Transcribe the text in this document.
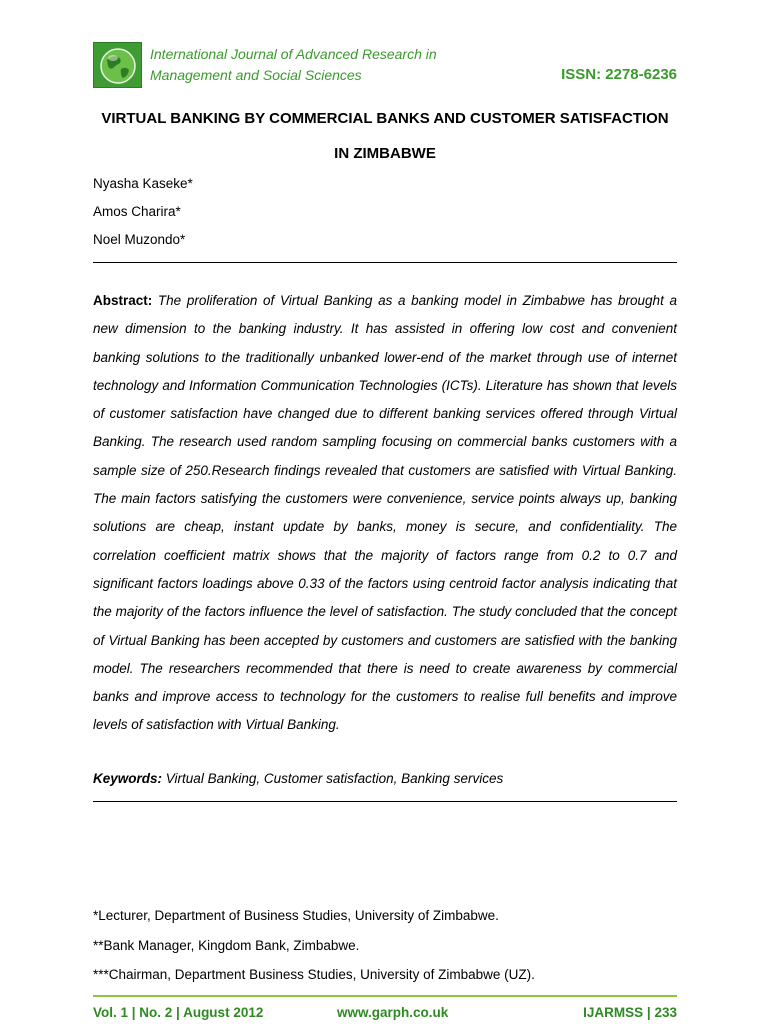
International Journal of Advanced Research in
Management and Social Sciences	ISSN: 2278-6236
VIRTUAL BANKING BY COMMERCIAL BANKS AND CUSTOMER SATISFACTION
IN ZIMBABWE
Nyasha Kaseke*
Amos Charira*
Noel Muzondo*

Abstract: The proliferation of Virtual Banking as a banking model in Zimbabwe has brought a new dimension to the banking industry. It has assisted in offering low cost and convenient banking solutions to the traditionally unbanked lower-end of the market through use of internet technology and Information Communication Technologies (ICTs). Literature has shown that levels of customer satisfaction have changed due to different banking services offered through Virtual Banking. The research used random sampling focusing on commercial banks customers with a sample size of 250.Research findings revealed that customers are satisfied with Virtual Banking. The main factors satisfying the customers were convenience, service points always up, banking solutions are cheap, instant update by banks, money is secure, and confidentiality. The correlation coefficient matrix shows that the majority of factors range from 0.2 to 0.7 and significant factors loadings above 0.33 of the factors using centroid factor analysis indicating that the majority of the factors influence the level of satisfaction. The study concluded that the concept of Virtual Banking has been accepted by customers and customers are satisfied with the banking model. The researchers recommended that there is need to create awareness by commercial banks and improve access to technology for the customers to realise full benefits and improve levels of satisfaction with Virtual Banking.

Keywords: Virtual Banking, Customer satisfaction, Banking services
*Lecturer, Department of Business Studies, University of Zimbabwe.
**Bank Manager, Kingdom Bank, Zimbabwe.
***Chairman, Department Business Studies, University of Zimbabwe (UZ).
Vol. 1 | No. 2 | August 2012	www.garph.co.uk	IJARMSS | 233
